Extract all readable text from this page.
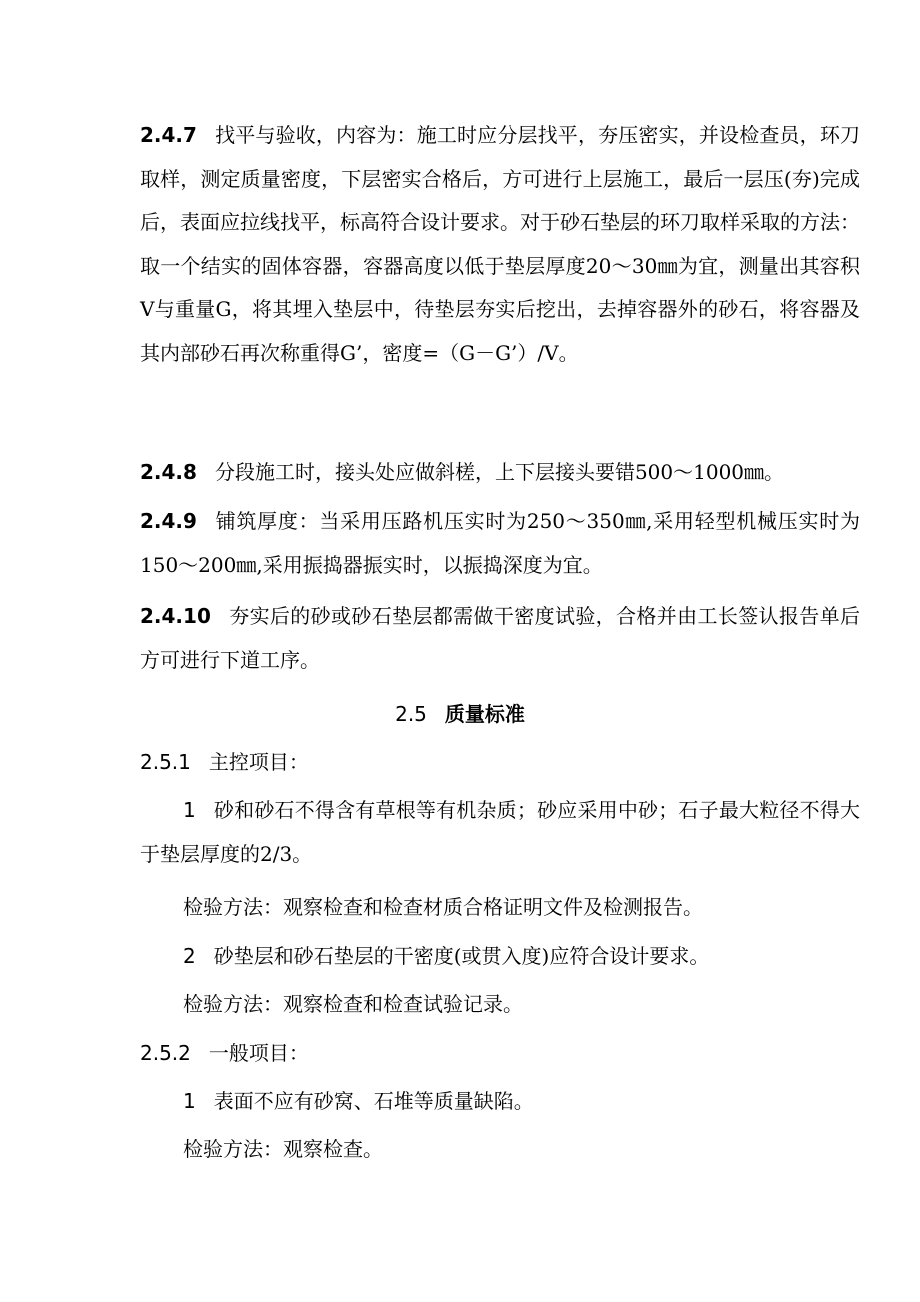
2.4.7 找平与验收，内容为：施工时应分层找平，夯压密实，并设检查员，环刀取样，测定质量密度，下层密实合格后，方可进行上层施工，最后一层压(夯)完成后，表面应拉线找平，标高符合设计要求。对于砂石垫层的环刀取样采取的方法：取一个结实的固体容器，容器高度以低于垫层厚度20～30㎜为宜，测量出其容积V与重量G，将其埋入垫层中，待垫层夯实后挖出，去掉容器外的砂石，将容器及其内部砂石再次称重得G’，密度=（G－G’）/V。

2.4.8 分段施工时，接头处应做斜槎，上下层接头要错500～1000㎜。

2.4.9 铺筑厚度：当采用压路机压实时为250～350㎜,采用轻型机械压实时为150～200㎜,采用振捣器振实时，以振捣深度为宜。

2.4.10 夯实后的砂或砂石垫层都需做干密度试验，合格并由工长签认报告单后方可进行下道工序。

2.5 质量标准

2.5.1 主控项目：

1 砂和砂石不得含有草根等有机杂质；砂应采用中砂；石子最大粒径不得大于垫层厚度的2/3。

检验方法：观察检查和检查材质合格证明文件及检测报告。

2 砂垫层和砂石垫层的干密度(或贯入度)应符合设计要求。

检验方法：观察检查和检查试验记录。

2.5.2 一般项目：

1 表面不应有砂窝、石堆等质量缺陷。

检验方法：观察检查。
